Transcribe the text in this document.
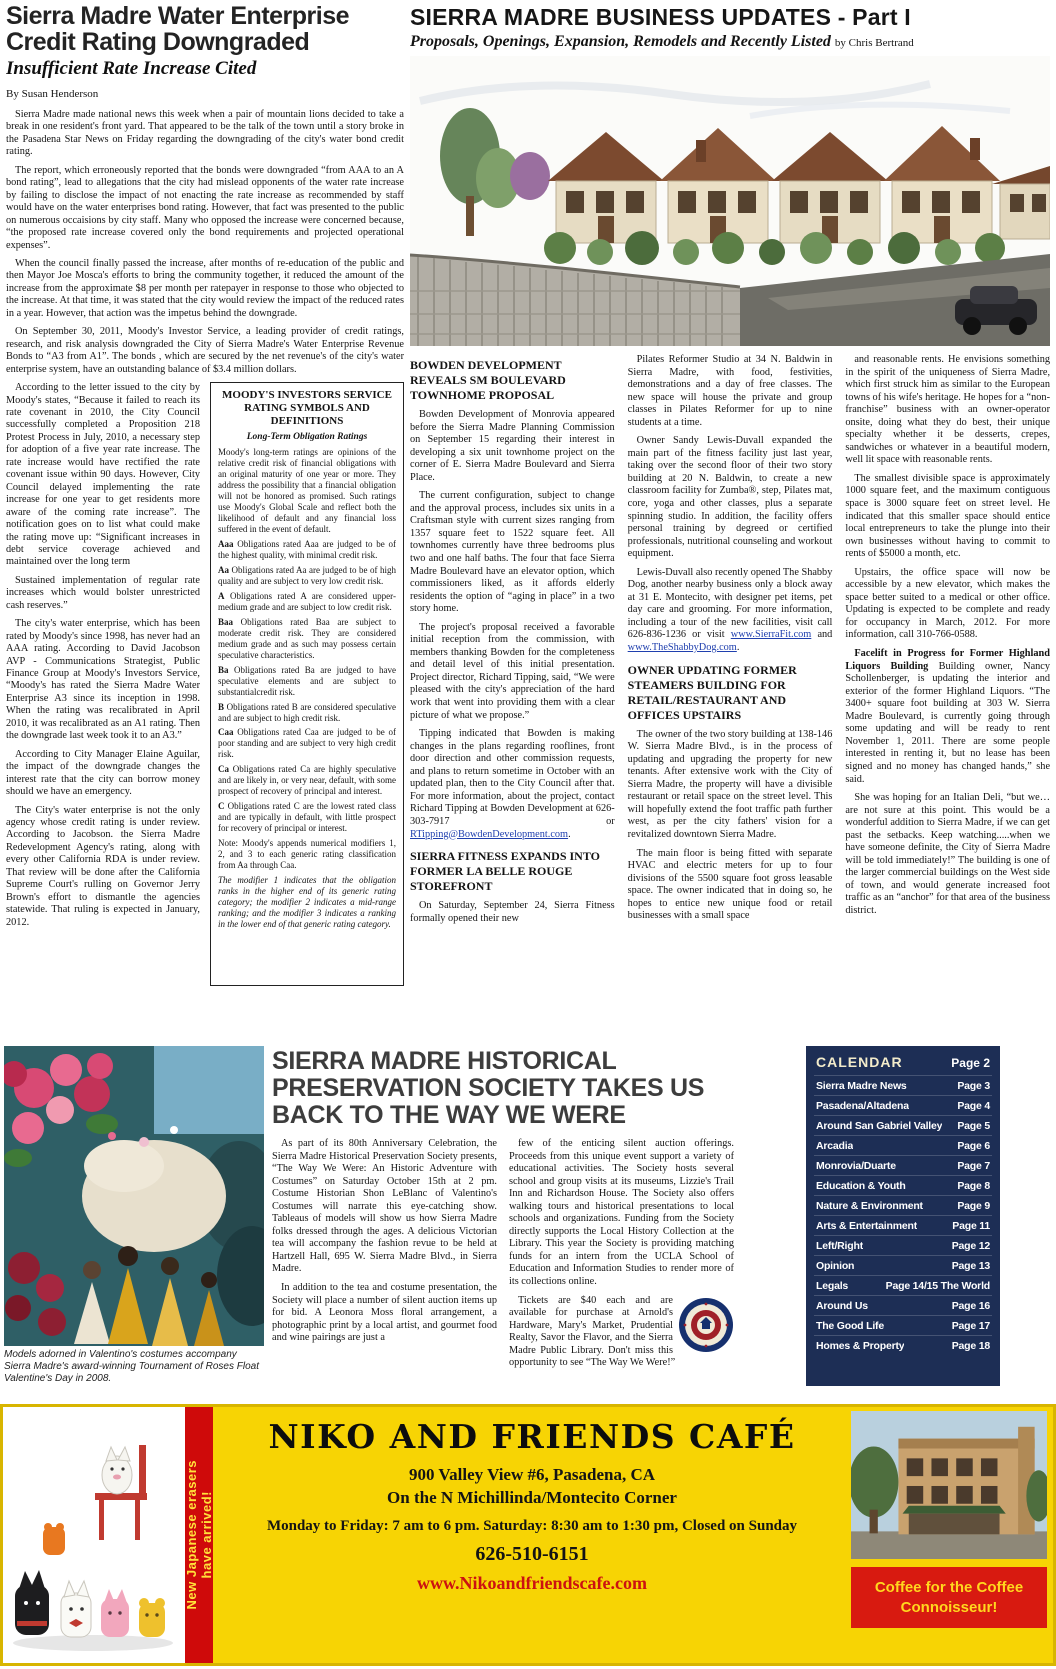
Sierra Madre Water Enterprise Credit Rating Downgraded
Insufficient Rate Increase Cited
By Susan Henderson

Sierra Madre made national news this week when a pair of mountain lions decided to take a break in one resident's front yard. That appeared to be the talk of the town until a story broke in the Pasadena Star News on Friday regarding the downgrading of the city's water bond credit rating.

The report, which erroneously reported that the bonds were downgraded “from AAA to an A bond rating”, lead to allegations that the city had mislead opponents of the water rate increase by failing to disclose the impact of not enacting the rate increase as recommended by staff would have on the water enterprises bond rating. However, that fact was presented to the public on numerous occaisions by city staff. Many who opposed the increase were concerned because, “the proposed rate increase covered only the bond requirements and projected operational expenses”.

When the council finally passed the increase, after months of re-education of the public and then Mayor Joe Mosca's efforts to bring the community together, it reduced the amount of the increase from the approximate $8 per month per ratepayer in response to those who objected to the increase. At that time, it was stated that the city would review the impact of the reduced rates in a year. However, that action was the impetus behind the downgrade.

On September 30, 2011, Moody's Investor Service, a leading provider of credit ratings, research, and risk analysis downgraded the City of Sierra Madre's Water Enterprise Revenue Bonds to “A3 from A1”. The bonds , which are secured by the net revenue's of the city's water enterprise system, have an outstanding balance of $3.4 million dollars.

According to the letter issued to the city by Moody's states, “Because it failed to reach its rate covenant in 2010, the City Council successfully completed a Proposition 218 Protest Process in July, 2010, a necessary step for adoption of a five year rate increase. The rate increase would have rectified the rate covenant issue within 90 days. However, City Council delayed implementing the rate increase for one year to get residents more aware of the coming rate increase”. The notification goes on to list what could make the rating move up: “Significant increases in debt service coverage achieved and maintained over the long term

Sustained implementation of regular rate increases which would bolster unrestricted cash reserves.”

The city's water enterprise, which has been rated by Moody's since 1998, has never had an AAA rating. According to David Jacobson AVP - Communications Strategist, Public Finance Group at Moody's Investors Service, “Moody's has rated the Sierra Madre Water Enterprise A3 since its inception in 1998. When the rating was recalibrated in April 2010, it was recalibrated as an A1 rating. Then the downgrade last week took it to an A3.”

According to City Manager Elaine Aguilar, the impact of the downgrade changes the interest rate that the city can borrow money should we have an emergency.

The City's water enterprise is not the only agency whose credit rating is under review. According to Jacobson. the Sierra Madre Redevelopment Agency's rating, along with every other California RDA is under review. That review will be done after the California Supreme Court's rulling on Governor Jerry Brown's effort to dismantle the agencies statewide. That ruling is expected in January, 2012.

MOODY'S INVESTORS SERVICE RATING SYMBOLS AND DEFINITIONS
Long-Term Obligation Ratings

Moody's long-term ratings are opinions of the relative credit risk of financial obligations with an original maturity of one year or more. They address the possibility that a financial obligation will not be honored as promised. Such ratings use Moody's Global Scale and reflect both the likelihood of default and any financial loss suffered in the event of default.

Aaa Obligations rated Aaa are judged to be of the highest quality, with minimal credit risk.

Aa Obligations rated Aa are judged to be of high quality and are subject to very low credit risk.

A Obligations rated A are considered upper-medium grade and are subject to low credit risk.

Baa Obligations rated Baa are subject to moderate credit risk. They are considered medium grade and as such may possess certain speculative characteristics.

Ba Obligations rated Ba are judged to have speculative elements and are subject to substantialcredit risk.

B Obligations rated B are considered speculative and are subject to high credit risk.

Caa Obligations rated Caa are judged to be of poor standing and are subject to very high credit risk.

Ca Obligations rated Ca are highly speculative and are likely in, or very near, default, with some prospect of recovery of principal and interest.

C Obligations rated C are the lowest rated class and are typically in default, with little prospect for recovery of principal or interest.

Note: Moody's appends numerical modifiers 1, 2, and 3 to each generic rating classification from Aa through Caa.

The modifier 1 indicates that the obligation ranks in the higher end of its generic rating category; the modifier 2 indicates a mid-range ranking; and the modifier 3 indicates a ranking in the lower end of that generic rating category.

SIERRA MADRE BUSINESS UPDATES - Part I
Proposals, Openings, Expansion, Remodels and Recently Listed by Chris Bertrand
BOWDEN DEVELOPMENT REVEALS SM BOULEVARD TOWNHOME PROPOSAL

Bowden Development of Monrovia appeared before the Sierra Madre Planning Commission on September 15 regarding their interest in developing a six unit townhome project on the corner of E. Sierra Madre Boulevard and Sierra Place.

The current configuration, subject to change and the approval process, includes six units in a Craftsman style with current sizes ranging from 1357 square feet to 1522 square feet. All townhomes currently have three bedrooms plus two and one half baths. The four that face Sierra Madre Boulevard have an elevator option, which commissioners liked, as it affords elderly residents the option of “aging in place” in a two story home.

The project's proposal received a favorable initial reception from the commission, with members thanking Bowden for the completeness and detail level of this initial presentation. Project director, Richard Tipping, said, “We were pleased with the city's appreciation of the hard work that went into providing them with a clear picture of what we propose.”

Tipping indicated that Bowden is making changes in the plans regarding rooflines, front door direction and other commission requests, and plans to return sometime in October with an updated plan, then to the City Council after that. For more information, about the project, contact Richard Tipping at Bowden Development at 626-303-7917 or RTipping@BowdenDevelopment.com.

SIERRA FITNESS EXPANDS INTO FORMER LA BELLE ROUGE STOREFRONT

On Saturday, September 24, Sierra Fitness formally opened their new

Pilates Reformer Studio at 34 N. Baldwin in Sierra Madre, with food, festivities, demonstrations and a day of free classes. The new space will house the private and group classes in Pilates Reformer for up to nine students at a time.

Owner Sandy Lewis-Duvall expanded the main part of the fitness facility just last year, taking over the second floor of their two story building at 20 N. Baldwin, to create a new classroom facility for Zumba®, step, Pilates mat, core, yoga and other classes, plus a separate spinning studio. In addition, the facility offers personal training by degreed or certified professionals, nutritional counseling and workout equipment.

Lewis-Duvall also recently opened The Shabby Dog, another nearby business only a block away at 31 E. Montecito, with designer pet items, pet day care and grooming. For more information, including a tour of the new facilities, visit call 626-836-1236 or visit www.SierraFit.com and www.TheShabbyDog.com.

OWNER UPDATING FORMER STEAMERS BUILDING FOR RETAIL/RESTAURANT AND OFFICES UPSTAIRS

The owner of the two story building at 138-146 W. Sierra Madre Blvd., is in the process of updating and upgrading the property for new tenants. After extensive work with the City of Sierra Madre, the property will have a divisible restaurant or retail space on the street level. This will hopefully extend the foot traffic path further west, as per the city fathers' vision for a revitalized downtown Sierra Madre.

The main floor is being fitted with separate HVAC and electric meters for up to four divisions of the 5500 square foot gross leasable space. The owner indicated that in doing so, he hopes to entice new unique food or retail businesses with a small space

and reasonable rents. He envisions something in the spirit of the uniqueness of Sierra Madre, which first struck him as similar to the European towns of his wife's heritage. He hopes for a “non-franchise” business with an owner-operator onsite, doing what they do best, their unique specialty whether it be desserts, crepes, sandwiches or whatever in a beautiful modern, well lit space with reasonable rents.

The smallest divisible space is approximately 1000 square feet, and the maximum contiguous space is 3000 square feet on street level. He indicated that this smaller space should entice local entrepreneurs to take the plunge into their own businesses without having to commit to rents of $5000 a month, etc.

Upstairs, the office space will now be accessible by a new elevator, which makes the space better suited to a medical or other office. Updating is expected to be complete and ready for occupancy in March, 2012. For more information, call 310-766-0588.

Facelift in Progress for Former Highland Liquors Building Building owner, Nancy Schollenberger, is updating the interior and exterior of the former Highland Liquors. “The 3400+ square foot building at 303 W. Sierra Madre Boulevard, is currently going through some updating and will be ready to rent November 1, 2011. There are some people interested in renting it, but no lease has been signed and no money has changed hands,” she said.

She was hoping for an Italian Deli, “but we… are not sure at this point. This would be a wonderful addition to Sierra Madre, if we can get past the setbacks. Keep watching.....when we have someone definite, the City of Sierra Madre will be told immediately!” The building is one of the larger commercial buildings on the West side of town, and would generate increased foot traffic as an “anchor” for that area of the business district.

Models adorned in Valentino's costumes accompany Sierra Madre's award-winning Tournament of Roses Float Valentine's Day in 2008.
SIERRA MADRE HISTORICAL PRESERVATION SOCIETY TAKES US BACK TO THE WAY WE WERE

As part of its 80th Anniversary Celebration, the Sierra Madre Historical Preservation Society presents, “The Way We Were: An Historic Adventure with Costumes” on Saturday October 15th at 2 pm. Costume Historian Shon LeBlanc of Valentino's Costumes will narrate this eye-catching show. Tableaus of models will show us how Sierra Madre folks dressed through the ages. A delicious Victorian tea will accompany the fashion revue to be held at Hartzell Hall, 695 W. Sierra Madre Blvd., in Sierra Madre.

In addition to the tea and costume presentation, the Society will place a number of silent auction items up for bid. A Leonora Moss floral arrangement, a photographic print by a local artist, and gourmet food and wine pairings are just a

few of the enticing silent auction offerings. Proceeds from this unique event support a variety of educational activities. The Society hosts several school and group visits at its museums, Lizzie's Trail Inn and Richardson House. The Society also offers walking tours and historical presentations to local schools and organizations. Funding from the Society directly supports the Local History Collection at the Library. This year the Society is providing matching funds for an intern from the UCLA School of Education and Information Studies to render more of its collections online.

Tickets are $40 each and are available for purchase at Arnold's Hardware, Mary's Market, Prudential Realty, Savor the Flavor, and the Sierra Madre Public Library. Don't miss this opportunity to see “The Way We Were!”

CALENDAR	Page 2
Sierra Madre News	Page 3
Pasadena/Altadena	Page 4
Around San Gabriel Valley Page 5
Arcadia	Page 6
Monrovia/Duarte	Page 7
Education & Youth	Page 8
Nature & Environment	Page 9
Arts & Entertainment	Page 11
Left/Right	Page 12
Opinion	Page 13
Legals	Page 14/15 The World
Around Us	Page 16
The Good Life	Page 17
Homes & Property	Page 18
New Japanese erasers have arrived!
NIKO AND FRIENDS CAFÉ
900 Valley View #6, Pasadena, CA
On the N Michillinda/Montecito Corner
Monday to Friday: 7 am to 6 pm. Saturday: 8:30 am to 1:30 pm, Closed on Sunday
626-510-6151
www.Nikoandfriendscafe.com	Coffee for the Coffee Connoisseur!
